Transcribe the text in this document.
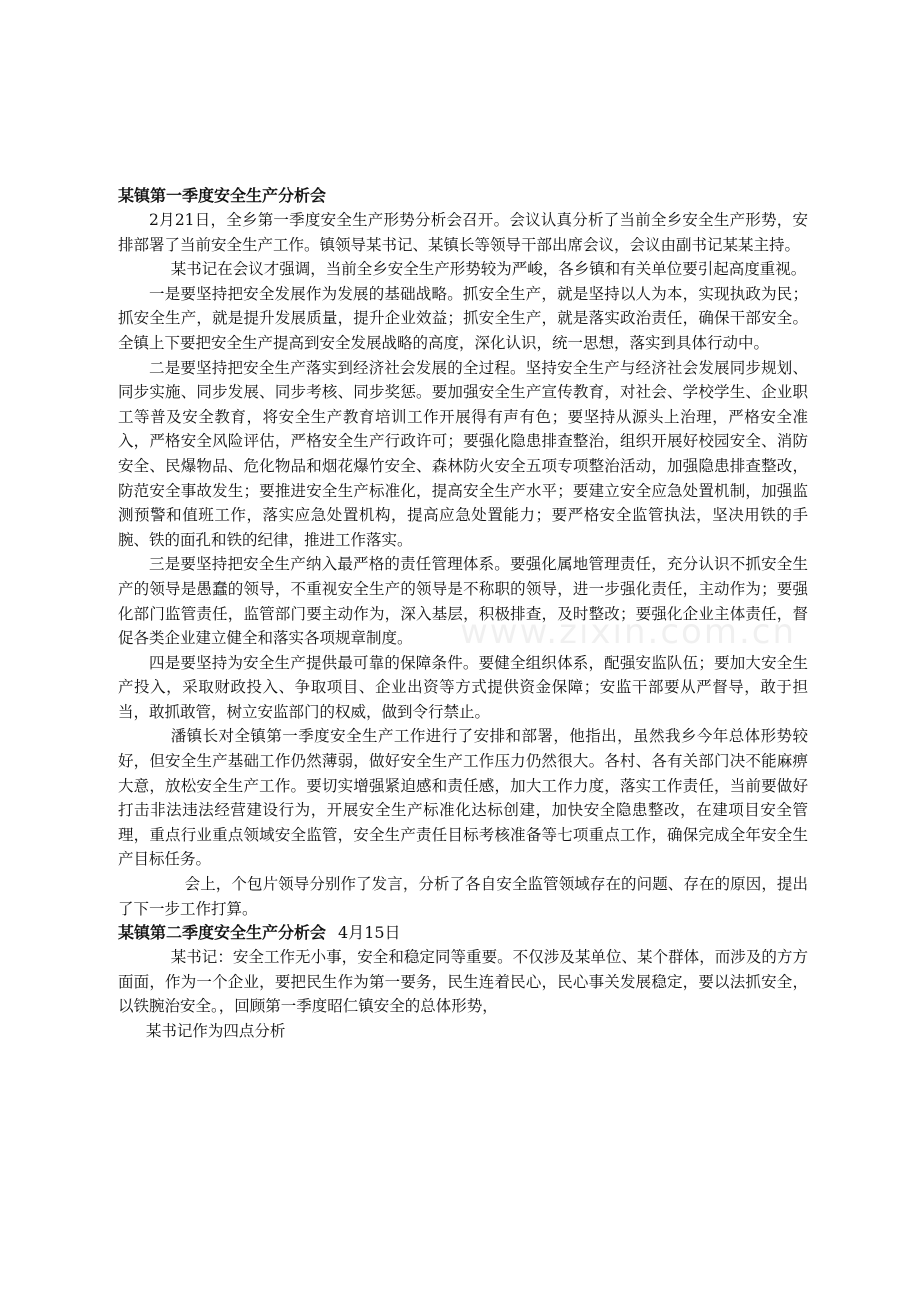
某镇第一季度安全生产分析会

2月21日，全乡第一季度安全生产形势分析会召开。会议认真分析了当前全乡安全生产形势，安排部署了当前安全生产工作。镇领导某书记、某镇长等领导干部出席会议，会议由副书记某某主持。

某书记在会议才强调，当前全乡安全生产形势较为严峻，各乡镇和有关单位要引起高度重视。

一是要坚持把安全发展作为发展的基础战略。抓安全生产，就是坚持以人为本，实现执政为民；抓安全生产，就是提升发展质量，提升企业效益；抓安全生产，就是落实政治责任，确保干部安全。全镇上下要把安全生产提高到安全发展战略的高度，深化认识，统一思想，落实到具体行动中。

二是要坚持把安全生产落实到经济社会发展的全过程。坚持安全生产与经济社会发展同步规划、同步实施、同步发展、同步考核、同步奖惩。要加强安全生产宣传教育，对社会、学校学生、企业职工等普及安全教育，将安全生产教育培训工作开展得有声有色；要坚持从源头上治理，严格安全准入，严格安全风险评估，严格安全生产行政许可；要强化隐患排查整治，组织开展好校园安全、消防安全、民爆物品、危化物品和烟花爆竹安全、森林防火安全五项专项整治活动，加强隐患排查整改，防范安全事故发生；要推进安全生产标准化，提高安全生产水平；要建立安全应急处置机制，加强监测预警和值班工作，落实应急处置机构，提高应急处置能力；要严格安全监管执法，坚决用铁的手腕、铁的面孔和铁的纪律，推进工作落实。

三是要坚持把安全生产纳入最严格的责任管理体系。要强化属地管理责任，充分认识不抓安全生产的领导是愚蠢的领导，不重视安全生产的领导是不称职的领导，进一步强化责任，主动作为；要强化部门监管责任，监管部门要主动作为，深入基层，积极排查，及时整改；要强化企业主体责任，督促各类企业建立健全和落实各项规章制度。

四是要坚持为安全生产提供最可靠的保障条件。要健全组织体系，配强安监队伍；要加大安全生产投入，采取财政投入、争取项目、企业出资等方式提供资金保障；安监干部要从严督导，敢于担当，敢抓敢管，树立安监部门的权威，做到令行禁止。

潘镇长对全镇第一季度安全生产工作进行了安排和部署，他指出，虽然我乡今年总体形势较好，但安全生产基础工作仍然薄弱，做好安全生产工作压力仍然很大。各村、各有关部门决不能麻痹大意，放松安全生产工作。要切实增强紧迫感和责任感，加大工作力度，落实工作责任，当前要做好打击非法违法经营建设行为，开展安全生产标准化达标创建，加快安全隐患整改，在建项目安全管理，重点行业重点领域安全监管，安全生产责任目标考核准备等七项重点工作，确保完成全年安全生产目标任务。

会上，个包片领导分别作了发言，分析了各自安全监管领域存在的问题、存在的原因，提出了下一步工作打算。

某镇第二季度安全生产分析会 4月15日

某书记：安全工作无小事，安全和稳定同等重要。不仅涉及某单位、某个群体，而涉及的方方面面，作为一个企业，要把民生作为第一要务，民生连着民心，民心事关发展稳定，要以法抓安全，以铁腕治安全。，回顾第一季度昭仁镇安全的总体形势，

某书记作为四点分析

www.zixin.com.cn
